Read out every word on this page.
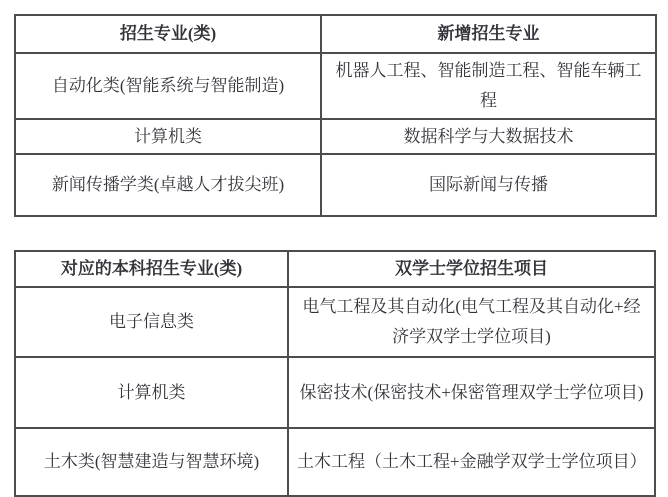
招生专业(类)	新增招生专业
自动化类(智能系统与智能制造)	机器人工程、智能制造工程、智能车辆工程
计算机类	数据科学与大数据技术
新闻传播学类(卓越人才拔尖班)	国际新闻与传播
对应的本科招生专业(类)	双学士学位招生项目
电子信息类	电气工程及其自动化(电气工程及其自动化+经济学双学士学位项目)
计算机类	保密技术(保密技术+保密管理双学士学位项目)
土木类(智慧建造与智慧环境)	土木工程（土木工程+金融学双学士学位项目）
